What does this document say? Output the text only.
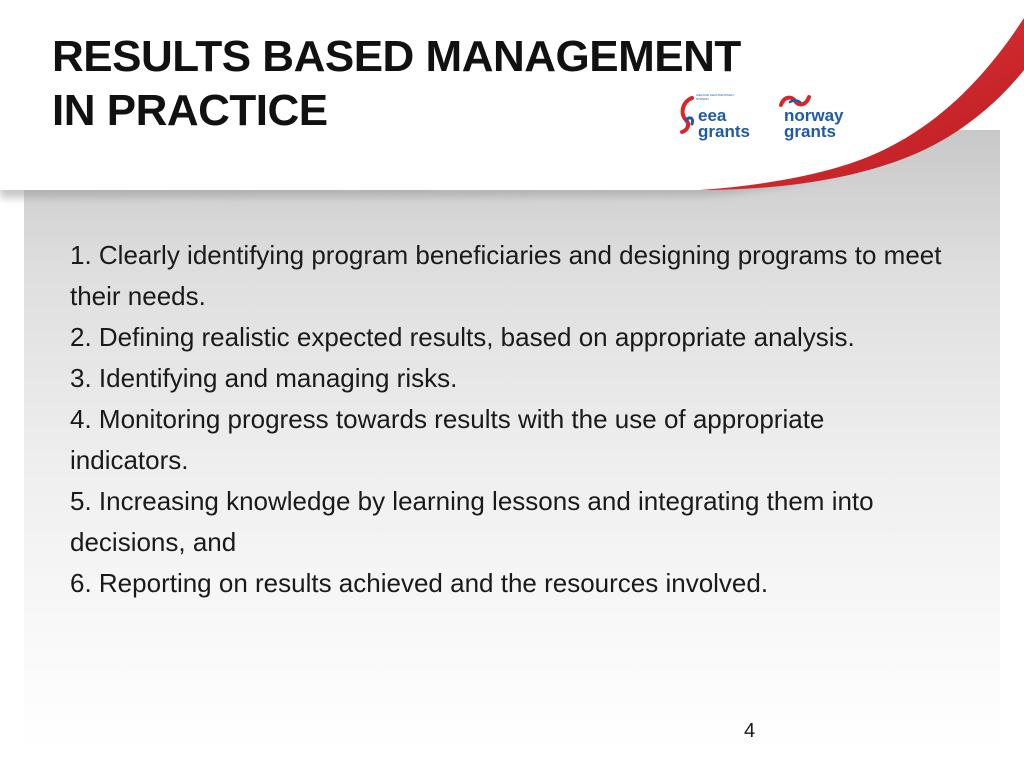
RESULTS BASED MANAGEMENT
IN PRACTICE	ICELAND LIECHTENSTEIN NORWAY
eea
grants
norway
grants
1. Clearly identifying program beneficiaries and designing programs to meet their needs.
2. Defining realistic expected results, based on appropriate analysis.
3. Identifying and managing risks.
4. Monitoring progress towards results with the use of appropriate indicators.
5. Increasing knowledge by learning lessons and integrating them into decisions, and
6. Reporting on results achieved and the resources involved.
4
